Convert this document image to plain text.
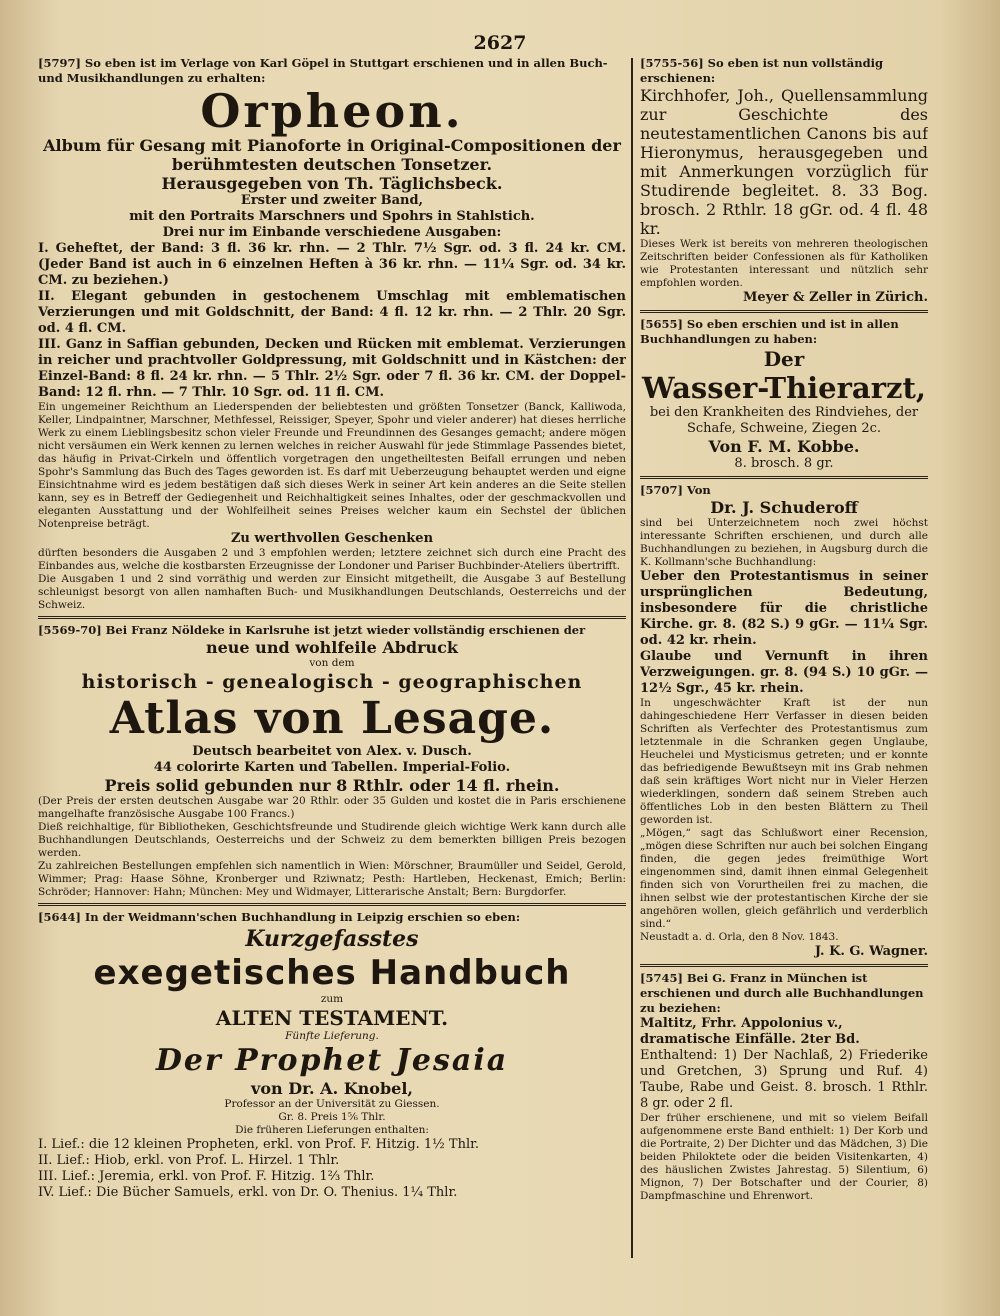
2627

[5797] So eben ist im Verlage von Karl Göpel in Stuttgart erschienen und in allen Buch- und Musikhandlungen zu erhalten:

Orpheon.

Album für Gesang mit Pianoforte in Original-Compositionen der berühmtesten deutschen Tonsetzer.

Herausgegeben von Th. Täglichsbeck.

Erster und zweiter Band,

mit den Portraits Marschners und Spohrs in Stahlstich.

Drei nur im Einbande verschiedene Ausgaben:

I. Geheftet, der Band: 3 fl. 36 kr. rhn. — 2 Thlr. 7½ Sgr. od. 3 fl. 24 kr. CM. (Jeder Band ist auch in 6 einzelnen Heften à 36 kr. rhn. — 11¼ Sgr. od. 34 kr. CM. zu beziehen.)

II. Elegant gebunden in gestochenem Umschlag mit emblematischen Verzierungen und mit Goldschnitt, der Band: 4 fl. 12 kr. rhn. — 2 Thlr. 20 Sgr. od. 4 fl. CM.

III. Ganz in Saffian gebunden, Decken und Rücken mit emblemat. Verzierungen in reicher und prachtvoller Goldpressung, mit Goldschnitt und in Kästchen: der Einzel-Band: 8 fl. 24 kr. rhn. — 5 Thlr. 2½ Sgr. oder 7 fl. 36 kr. CM. der Doppel-Band: 12 fl. rhn. — 7 Thlr. 10 Sgr. od. 11 fl. CM.

Ein ungemeiner Reichthum an Liederspenden der beliebtesten und größten Tonsetzer (Banck, Kalliwoda, Keller, Lindpaintner, Marschner, Methfessel, Reissiger, Speyer, Spohr und vieler anderer) hat dieses herrliche Werk zu einem Lieblingsbesitz schon vieler Freunde und Freundinnen des Gesanges gemacht; andere mögen nicht versäumen ein Werk kennen zu lernen welches in reicher Auswahl für jede Stimmlage Passendes bietet, das häufig in Privat-Cirkeln und öffentlich vorgetragen den ungetheiltesten Beifall errungen und neben Spohr's Sammlung das Buch des Tages geworden ist. Es darf mit Ueberzeugung behauptet werden und eigne Einsichtnahme wird es jedem bestätigen daß sich dieses Werk in seiner Art kein anderes an die Seite stellen kann, sey es in Betreff der Gediegenheit und Reichhaltigkeit seines Inhaltes, oder der geschmackvollen und eleganten Ausstattung und der Wohlfeilheit seines Preises welcher kaum ein Sechstel der üblichen Notenpreise beträgt.

Zu werthvollen Geschenken

dürften besonders die Ausgaben 2 und 3 empfohlen werden; letztere zeichnet sich durch eine Pracht des Einbandes aus, welche die kostbarsten Erzeugnisse der Londoner und Pariser Buchbinder-Ateliers übertrifft.

Die Ausgaben 1 und 2 sind vorräthig und werden zur Einsicht mitgetheilt, die Ausgabe 3 auf Bestellung schleunigst besorgt von allen namhaften Buch- und Musikhandlungen Deutschlands, Oesterreichs und der Schweiz.

[5569-70] Bei Franz Nöldeke in Karlsruhe ist jetzt wieder vollständig erschienen der

neue und wohlfeile Abdruck

von dem

historisch - genealogisch - geographischen

Atlas von Lesage.

Deutsch bearbeitet von Alex. v. Dusch.

44 colorirte Karten und Tabellen. Imperial-Folio.

Preis solid gebunden nur 8 Rthlr. oder 14 fl. rhein.

(Der Preis der ersten deutschen Ausgabe war 20 Rthlr. oder 35 Gulden und kostet die in Paris erschienene mangelhafte französische Ausgabe 100 Francs.)

Dieß reichhaltige, für Bibliotheken, Geschichtsfreunde und Studirende gleich wichtige Werk kann durch alle Buchhandlungen Deutschlands, Oesterreichs und der Schweiz zu dem bemerkten billigen Preis bezogen werden.

Zu zahlreichen Bestellungen empfehlen sich namentlich in Wien: Mörschner, Braumüller und Seidel, Gerold, Wimmer; Prag: Haase Söhne, Kronberger und Rziwnatz; Pesth: Hartleben, Heckenast, Emich; Berlin: Schröder; Hannover: Hahn; München: Mey und Widmayer, Litterarische Anstalt; Bern: Burgdorfer.

[5644] In der Weidmann'schen Buchhandlung in Leipzig erschien so eben:

Kurzgefasstes

exegetisches Handbuch

zum

ALTEN TESTAMENT.

Fünfte Lieferung.

Der Prophet Jesaia

von Dr. A. Knobel,

Professor an der Universität zu Giessen.

Gr. 8. Preis 1⅚ Thlr.

Die früheren Lieferungen enthalten:

I. Lief.: die 12 kleinen Propheten, erkl. von Prof. F. Hitzig. 1½ Thlr.

II. Lief.: Hiob, erkl. von Prof. L. Hirzel. 1 Thlr.

III. Lief.: Jeremia, erkl. von Prof. F. Hitzig. 1⅔ Thlr.

IV. Lief.: Die Bücher Samuels, erkl. von Dr. O. Thenius. 1¼ Thlr.

[5755-56] So eben ist nun vollständig erschienen:

Kirchhofer, Joh., Quellensammlung zur Geschichte des neutestamentlichen Canons bis auf Hieronymus, herausgegeben und mit Anmerkungen vorzüglich für Studirende begleitet. 8. 33 Bog. brosch. 2 Rthlr. 18 gGr. od. 4 fl. 48 kr.

Dieses Werk ist bereits von mehreren theologischen Zeitschriften beider Confessionen als für Katholiken wie Protestanten interessant und nützlich sehr empfohlen worden.

Meyer & Zeller in Zürich.

[5655] So eben erschien und ist in allen Buchhandlungen zu haben:

Der

Wasser-Thierarzt,

bei den Krankheiten des Rindviehes, der Schafe, Schweine, Ziegen 2c.

Von F. M. Kobbe.

8. brosch. 8 gr.

[5707] Von

Dr. J. Schuderoff

sind bei Unterzeichnetem noch zwei höchst interessante Schriften erschienen, und durch alle Buchhandlungen zu beziehen, in Augsburg durch die K. Kollmann'sche Buchhandlung:

Ueber den Protestantismus in seiner ursprünglichen Bedeutung, insbesondere für die christliche Kirche. gr. 8. (82 S.) 9 gGr. — 11¼ Sgr. od. 42 kr. rhein.

Glaube und Vernunft in ihren Verzweigungen. gr. 8. (94 S.) 10 gGr. — 12½ Sgr., 45 kr. rhein.

In ungeschwächter Kraft ist der nun dahingeschiedene Herr Verfasser in diesen beiden Schriften als Verfechter des Protestantismus zum letztenmale in die Schranken gegen Unglaube, Heuchelei und Mysticismus getreten; und er konnte das befriedigende Bewußtseyn mit ins Grab nehmen daß sein kräftiges Wort nicht nur in Vieler Herzen wiederklingen, sondern daß seinem Streben auch öffentliches Lob in den besten Blättern zu Theil geworden ist.

„Mögen,“ sagt das Schlußwort einer Recension, „mögen diese Schriften nur auch bei solchen Eingang finden, die gegen jedes freimüthige Wort eingenommen sind, damit ihnen einmal Gelegenheit finden sich von Vorurtheilen frei zu machen, die ihnen selbst wie der protestantischen Kirche der sie angehören wollen, gleich gefährlich und verderblich sind.“

Neustadt a. d. Orla, den 8 Nov. 1843.

J. K. G. Wagner.

[5745] Bei G. Franz in München ist erschienen und durch alle Buchhandlungen zu beziehen:

Maltitz, Frhr. Appolonius v., dramatische Einfälle. 2ter Bd.

Enthaltend: 1) Der Nachlaß, 2) Friederike und Gretchen, 3) Sprung und Ruf. 4) Taube, Rabe und Geist. 8. brosch. 1 Rthlr. 8 gr. oder 2 fl.

Der früher erschienene, und mit so vielem Beifall aufgenommene erste Band enthielt: 1) Der Korb und die Portraite, 2) Der Dichter und das Mädchen, 3) Die beiden Philoktete oder die beiden Visitenkarten, 4) des häuslichen Zwistes Jahrestag. 5) Silentium, 6) Mignon, 7) Der Botschafter und der Courier, 8) Dampfmaschine und Ehrenwort.
